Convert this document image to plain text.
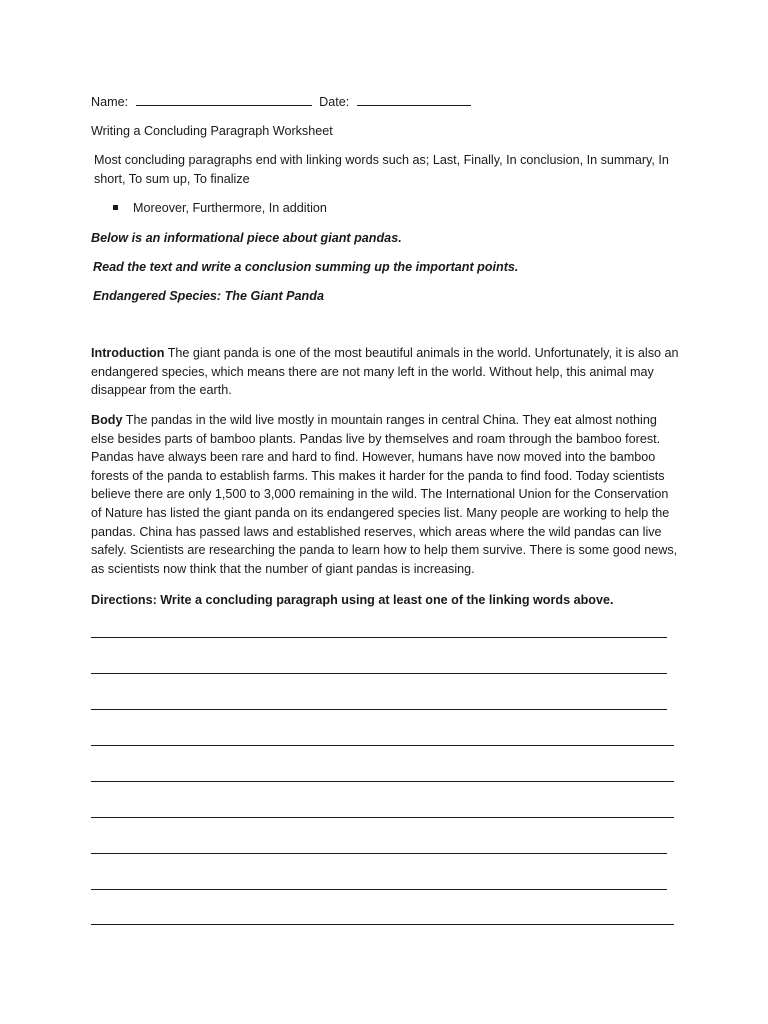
Name:	Date:
Writing a Concluding Paragraph Worksheet
Most concluding paragraphs end with linking words such as; Last, Finally, In conclusion, In summary, In short, To sum up, To finalize
Moreover, Furthermore, In addition
Below is an informational piece about giant pandas.
Read the text and write a conclusion summing up the important points.
Endangered Species: The Giant Panda
Introduction The giant panda is one of the most beautiful animals in the world. Unfortunately, it is also an endangered species, which means there are not many left in the world. Without help, this animal may disappear from the earth.
Body The pandas in the wild live mostly in mountain ranges in central China. They eat almost nothing else besides parts of bamboo plants. Pandas live by themselves and roam through the bamboo forest. Pandas have always been rare and hard to find. However, humans have now moved into the bamboo forests of the panda to establish farms. This makes it harder for the panda to find food. Today scientists believe there are only 1,500 to 3,000 remaining in the wild. The International Union for the Conservation of Nature has listed the giant panda on its endangered species list. Many people are working to help the pandas. China has passed laws and established reserves, which areas where the wild pandas can live safely. Scientists are researching the panda to learn how to help them survive. There is some good news, as scientists now think that the number of giant pandas is increasing.
Directions: Write a concluding paragraph using at least one of the linking words above.
